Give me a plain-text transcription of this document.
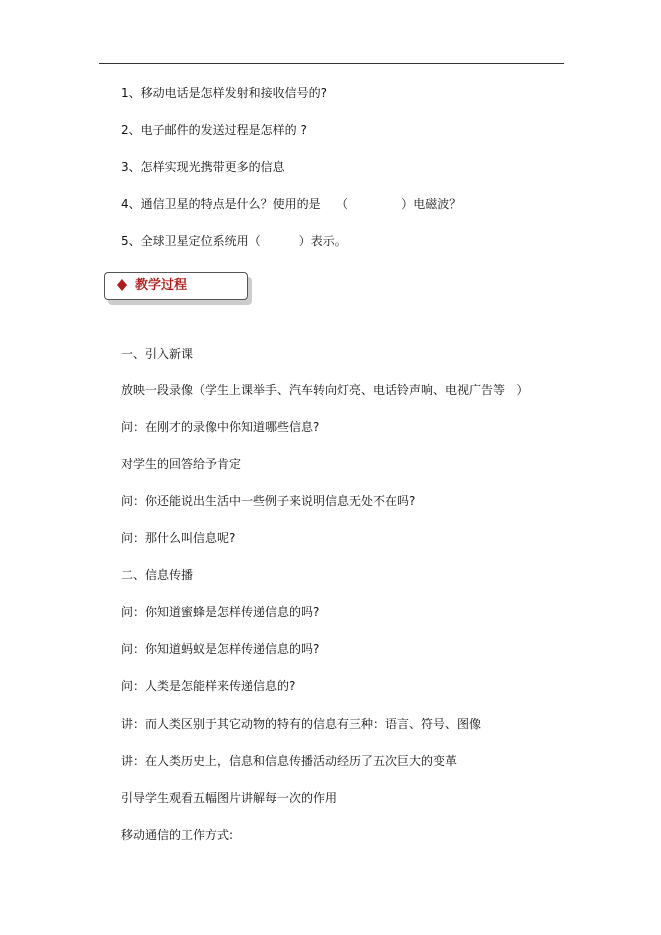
1、移动电话是怎样发射和接收信号的?
2、电子邮件的发送过程是怎样的 ?
3、怎样实现光携带更多的信息
4、通信卫星的特点是什么？使用的是    （              ）电磁波？
5、全球卫星定位系统用（          ）表示。
教学过程
一、引入新课
放映一段录像（学生上课举手、汽车转向灯亮、电话铃声响、电视广告等   ）
问：在刚才的录像中你知道哪些信息?
对学生的回答给予肯定
问：你还能说出生活中一些例子来说明信息无处不在吗?
问：那什么叫信息呢?
二、信息传播
问：你知道蜜蜂是怎样传递信息的吗?
问：你知道蚂蚁是怎样传递信息的吗?
问：人类是怎能样来传递信息的?
讲：而人类区别于其它动物的特有的信息有三种：语言、符号、图像
讲：在人类历史上，信息和信息传播活动经历了五次巨大的变革
引导学生观看五幅图片讲解每一次的作用
移动通信的工作方式:
